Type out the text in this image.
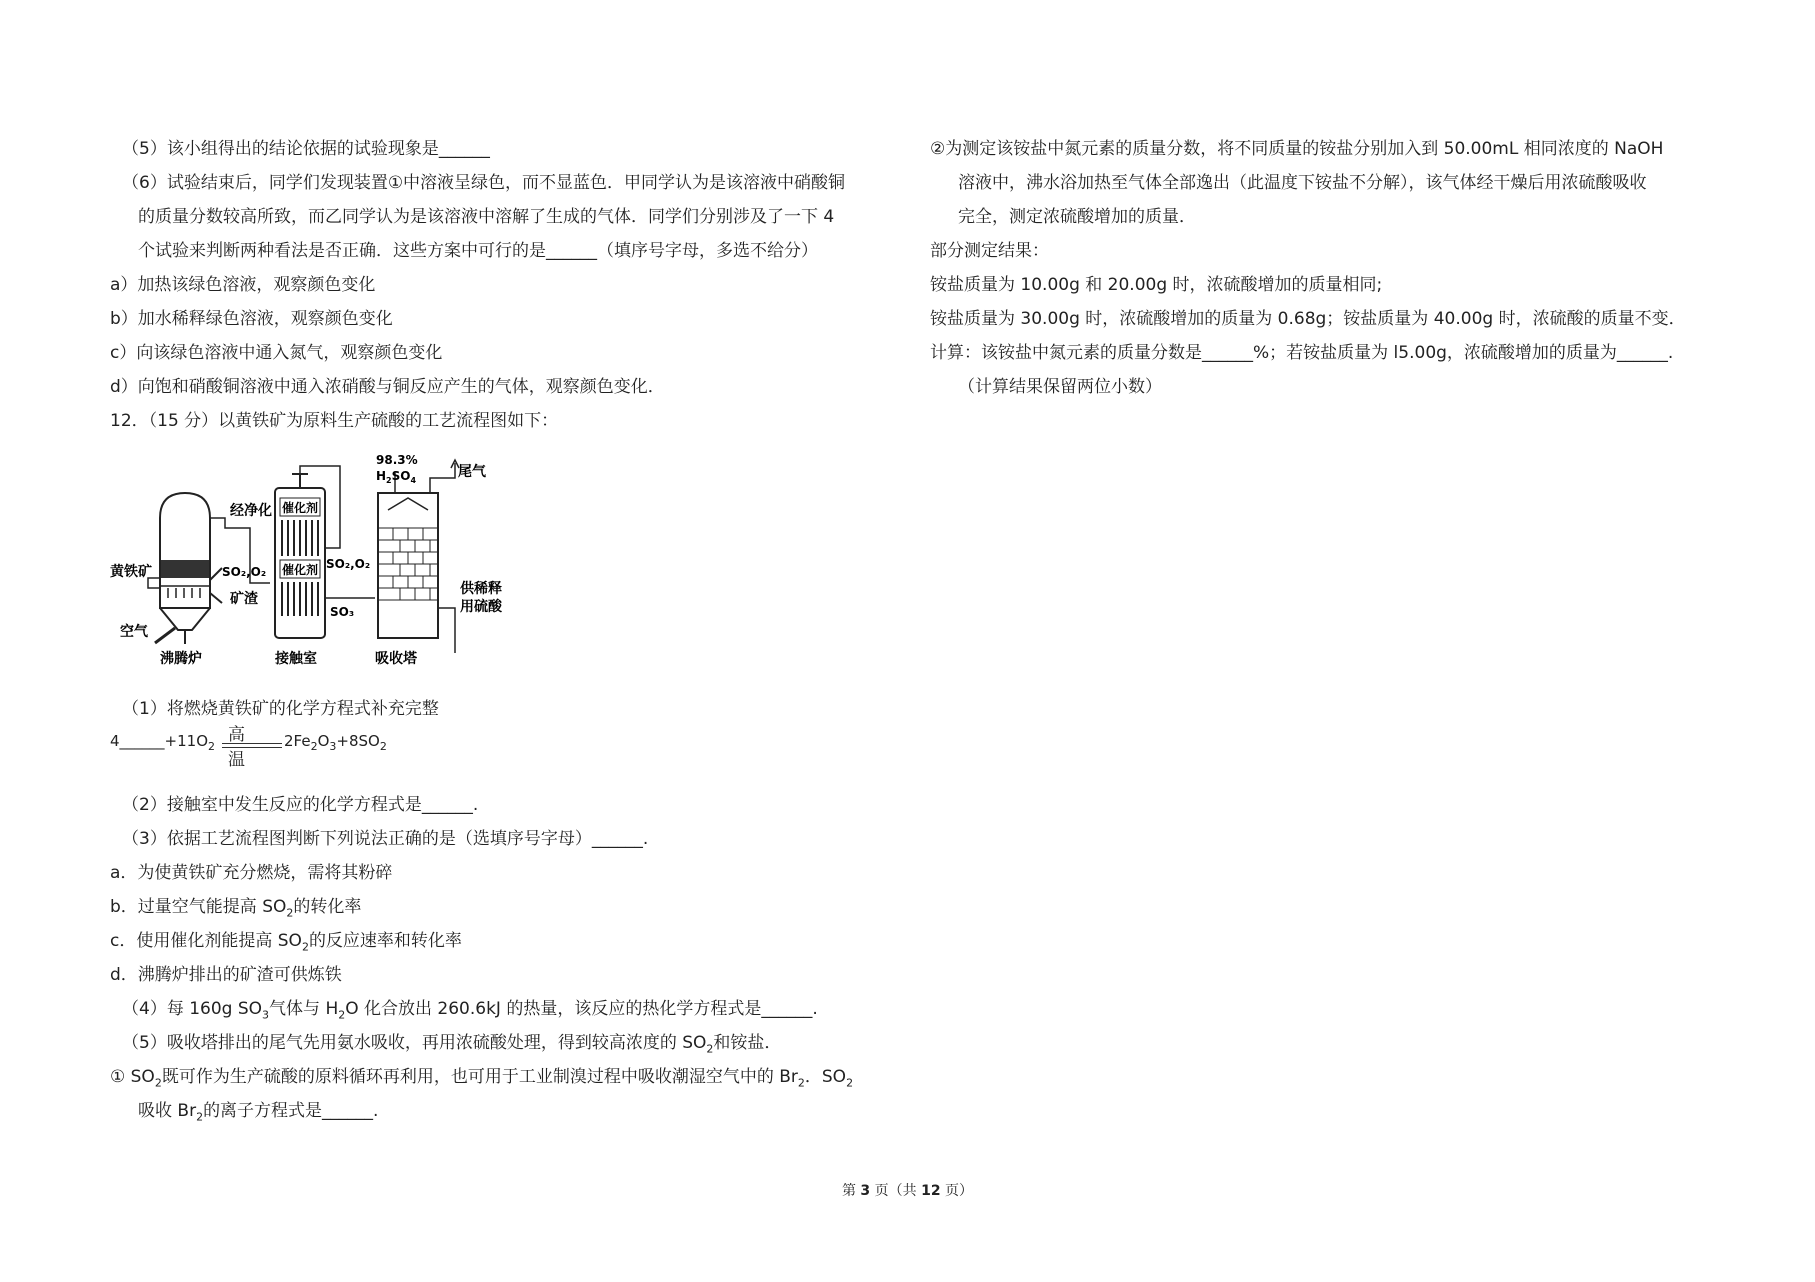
（5）该小组得出的结论依据的试验现象是______
（6）试验结束后，同学们发现装置①中溶液呈绿色，而不显蓝色．甲同学认为是该溶液中硝酸铜
的质量分数较高所致，而乙同学认为是该溶液中溶解了生成的气体．同学们分别涉及了一下 4
个试验来判断两种看法是否正确．这些方案中可行的是______（填序号字母，多选不给分）
a）加热该绿色溶液，观察颜色变化
b）加水稀释绿色溶液，观察颜色变化
c）向该绿色溶液中通入氮气，观察颜色变化
d）向饱和硝酸铜溶液中通入浓硝酸与铜反应产生的气体，观察颜色变化．
12．（15 分）以黄铁矿为原料生产硫酸的工艺流程图如下：
98.3%
$H_2SO_4$
尾气
经净化 催化剂
催化剂
黄铁矿	SO₂,O₂
SO₂,O₂
矿渣
空气
SO₃
供稀释
用硫酸
沸腾炉	接触室	吸收塔
（1）将燃烧黄铁矿的化学方程式补充完整
高温
$4\_\_\_\_\_\_+11O_2$	$2Fe_2O_3+8SO_2$
（2）接触室中发生反应的化学方程式是______.
（3）依据工艺流程图判断下列说法正确的是（选填序号字母）______.
a．为使黄铁矿充分燃烧，需将其粉碎
b．过量空气能提高 $SO_2$的转化率
c．使用催化剂能提高 $SO_2$的反应速率和转化率
d．沸腾炉排出的矿渣可供炼铁
（4）每 160g $SO_3$气体与 $H_2O$ 化合放出 260.6kJ 的热量，该反应的热化学方程式是______.
（5）吸收塔排出的尾气先用氨水吸收，再用浓硫酸处理，得到较高浓度的 $SO_2$和铵盐．
① $SO_2$既可作为生产硫酸的原料循环再利用，也可用于工业制溴过程中吸收潮湿空气中的 $Br_2$．$SO_2$
吸收 $Br_2$的离子方程式是______.
②为测定该铵盐中氮元素的质量分数，将不同质量的铵盐分别加入到 50.00mL 相同浓度的 NaOH
溶液中，沸水浴加热至气体全部逸出（此温度下铵盐不分解），该气体经干燥后用浓硫酸吸收
完全，测定浓硫酸增加的质量．
部分测定结果：
铵盐质量为 10.00g 和 20.00g 时，浓硫酸增加的质量相同;
铵盐质量为 30.00g 时，浓硫酸增加的质量为 0.68g；铵盐质量为 40.00g 时，浓硫酸的质量不变．
计算：该铵盐中氮元素的质量分数是______%；若铵盐质量为 l5.00g，浓硫酸增加的质量为______.
（计算结果保留两位小数）
第 3 页（共 12 页）
